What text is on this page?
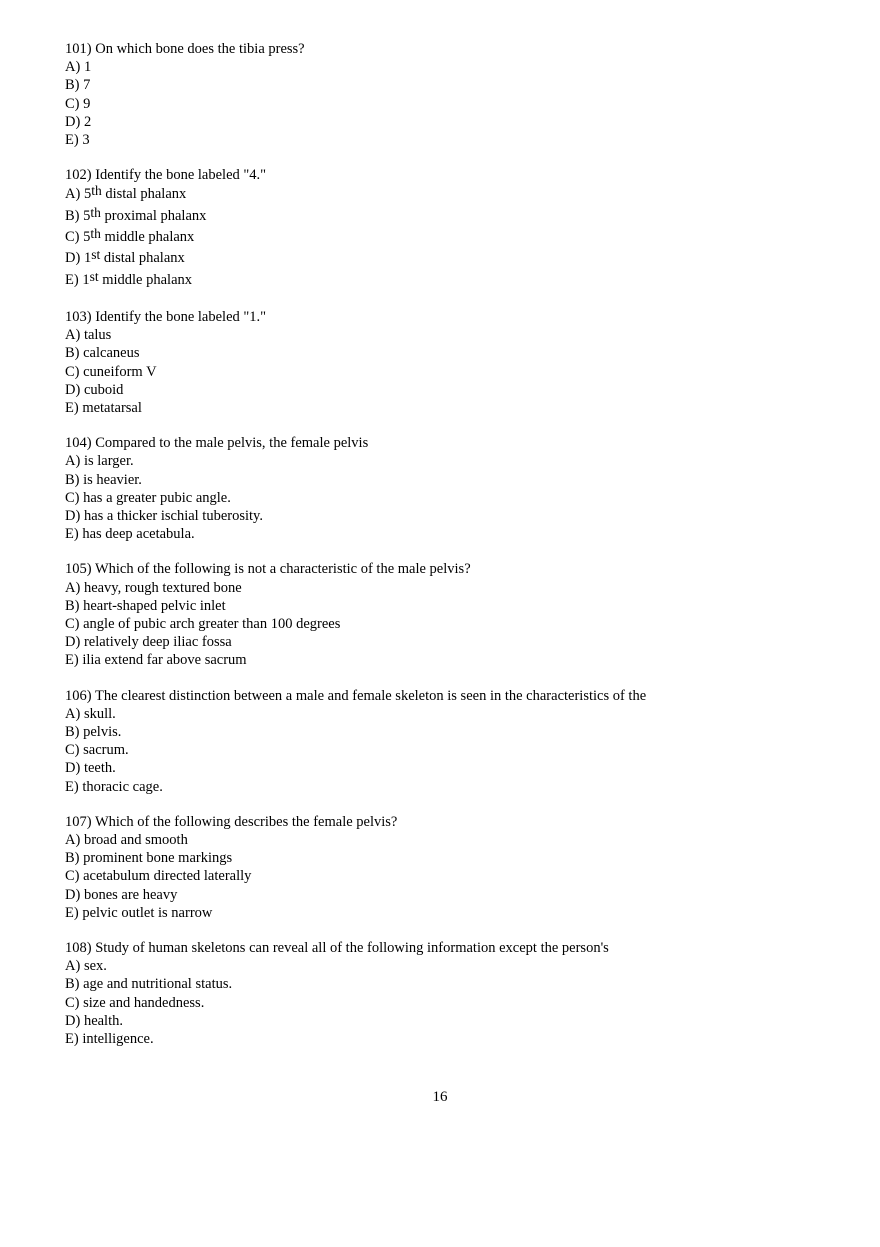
101) On which bone does the tibia press?
A) 1
B) 7
C) 9
D) 2
E) 3
102) Identify the bone labeled "4."
A) 5th distal phalanx
B) 5th proximal phalanx
C) 5th middle phalanx
D) 1st distal phalanx
E) 1st middle phalanx
103) Identify the bone labeled "1."
A) talus
B) calcaneus
C) cuneiform V
D) cuboid
E) metatarsal
104) Compared to the male pelvis, the female pelvis
A) is larger.
B) is heavier.
C) has a greater pubic angle.
D) has a thicker ischial tuberosity.
E) has deep acetabula.
105) Which of the following is not a characteristic of the male pelvis?
A) heavy, rough textured bone
B) heart-shaped pelvic inlet
C) angle of pubic arch greater than 100 degrees
D) relatively deep iliac fossa
E) ilia extend far above sacrum
106) The clearest distinction between a male and female skeleton is seen in the characteristics of the
A) skull.
B) pelvis.
C) sacrum.
D) teeth.
E) thoracic cage.
107) Which of the following describes the female pelvis?
A) broad and smooth
B) prominent bone markings
C) acetabulum directed laterally
D) bones are heavy
E) pelvic outlet is narrow
108) Study of human skeletons can reveal all of the following information except the person's
A) sex.
B) age and nutritional status.
C) size and handedness.
D) health.
E) intelligence.
16
